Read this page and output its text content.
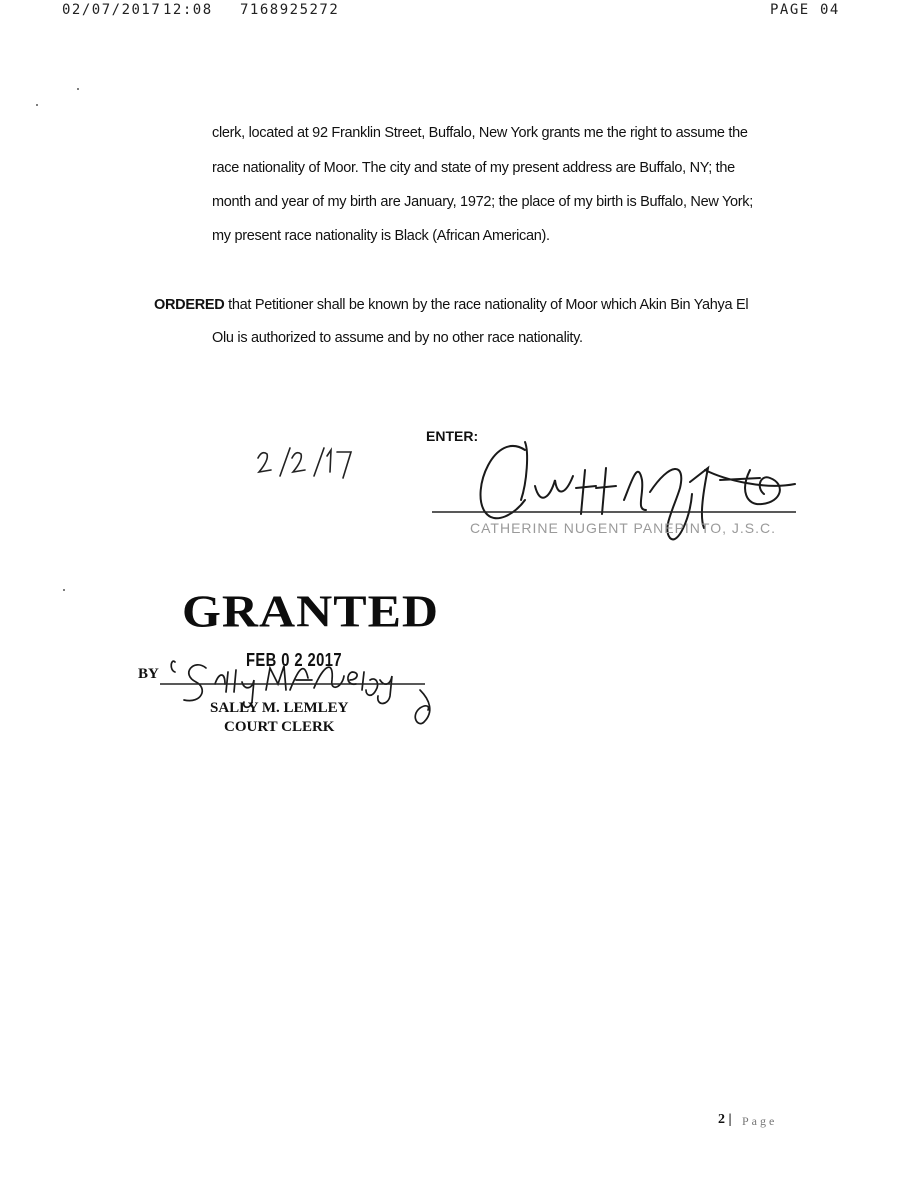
02/07/2017 12:08 7168925272	PAGE 04
clerk, located at 92 Franklin Street, Buffalo, New York grants me the right to assume the
race nationality of Moor. The city and state of my present address are Buffalo, NY; the
month and year of my birth are January, 1972; the place of my birth is Buffalo, New York;
my present race nationality is Black (African American).
ORDERED that Petitioner shall be known by the race nationality of Moor which Akin Bin Yahya El
Olu is authorized to assume and by no other race nationality.
ENTER:
CATHERINE NUGENT PANEPINTO, J.S.C.
GRANTED
FEB 0 2 2017
BY
SALLY M. LEMLEY
COURT CLERK
2 | Page
